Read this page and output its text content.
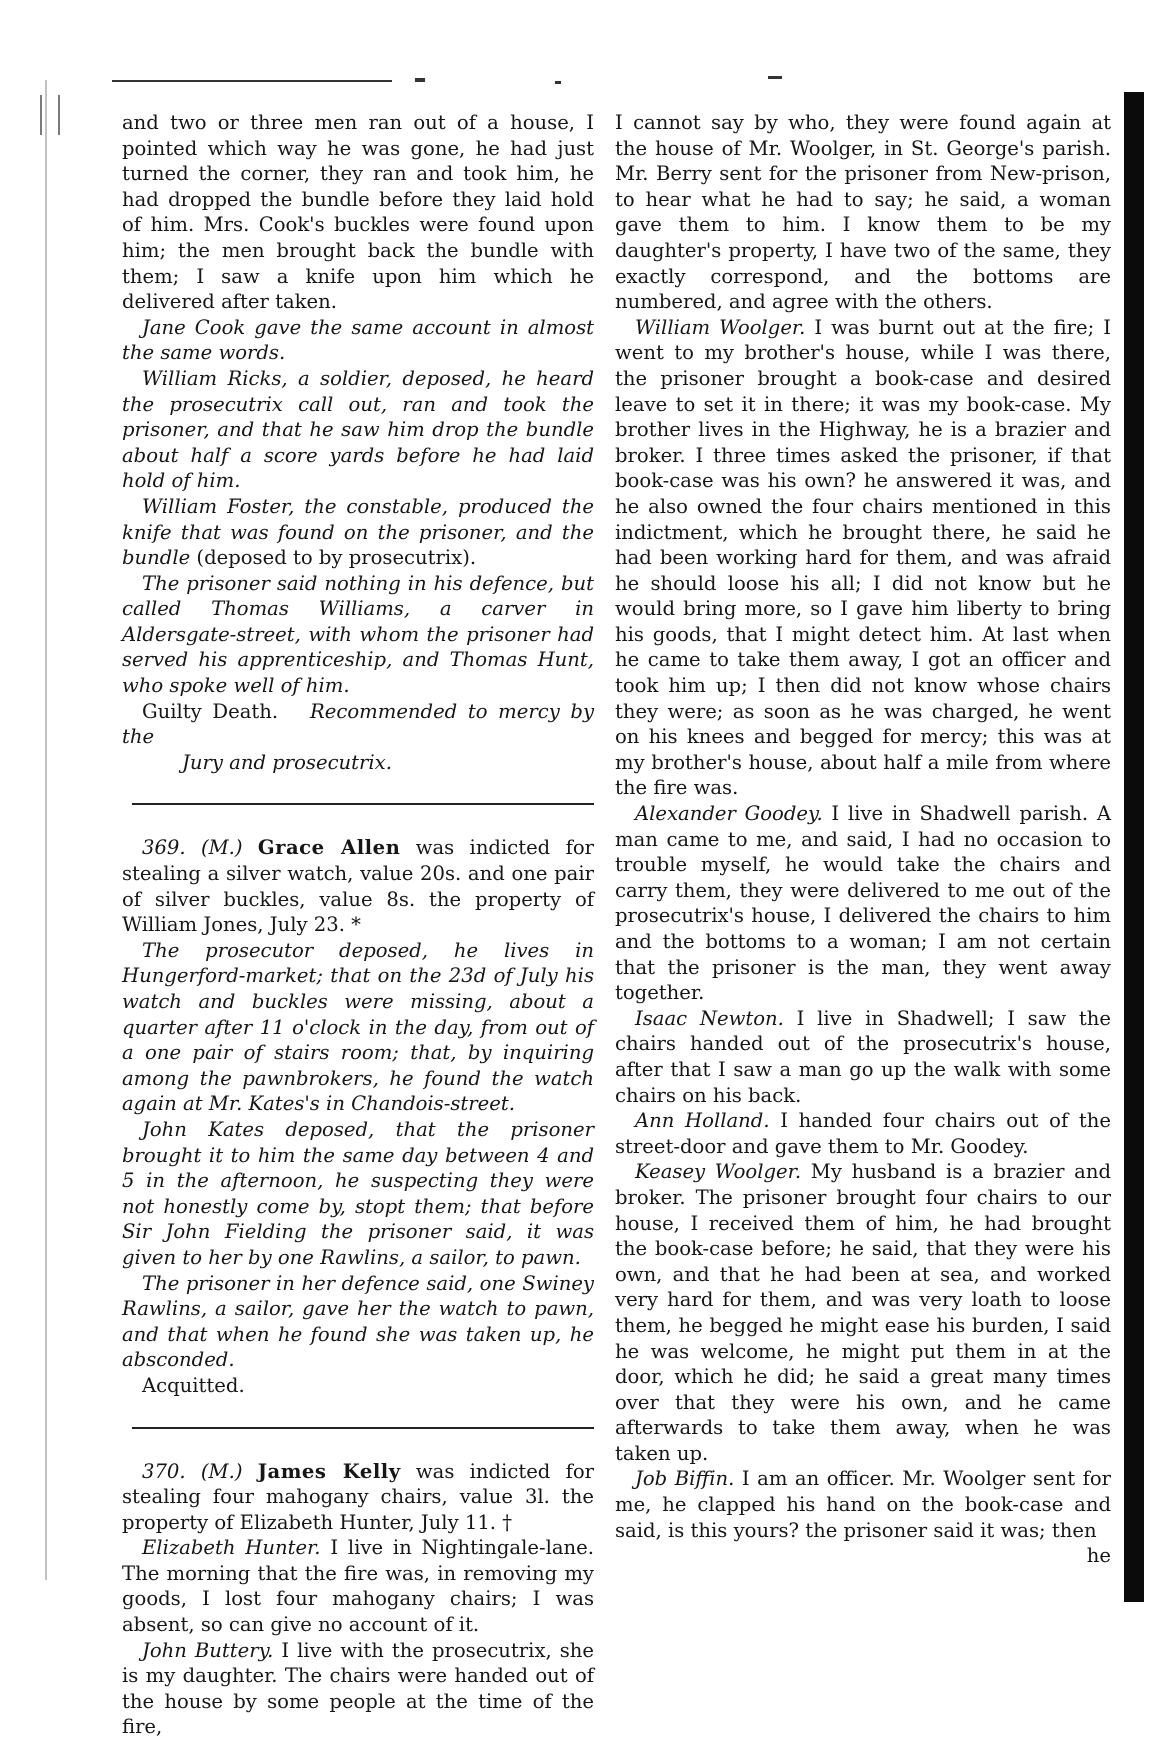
and two or three men ran out of a house, I pointed which way he was gone, he had just turned the corner, they ran and took him, he had dropped the bundle before they laid hold of him. Mrs. Cook's buckles were found upon him; the men brought back the bundle with them; I saw a knife upon him which he delivered after taken.

Jane Cook gave the same account in almost the same words.

William Ricks, a soldier, deposed, he heard the prosecutrix call out, ran and took the prisoner, and that he saw him drop the bundle about half a score yards before he had laid hold of him.

William Foster, the constable, produced the knife that was found on the prisoner, and the bundle (deposed to by prosecutrix).

The prisoner said nothing in his defence, but called Thomas Williams, a carver in Aldersgate-street, with whom the prisoner had served his apprenticeship, and Thomas Hunt, who spoke well of him.

Guilty Death. Recommended to mercy by the

Jury and prosecutrix.

369. (M.) Grace Allen was indicted for stealing a silver watch, value 20s. and one pair of silver buckles, value 8s. the property of William Jones, July 23. *

The prosecutor deposed, he lives in Hungerford-market; that on the 23d of July his watch and buckles were missing, about a quarter after 11 o'clock in the day, from out of a one pair of stairs room; that, by inquiring among the pawnbrokers, he found the watch again at Mr. Kates's in Chandois-street.

John Kates deposed, that the prisoner brought it to him the same day between 4 and 5 in the afternoon, he suspecting they were not honestly come by, stopt them; that before Sir John Fielding the prisoner said, it was given to her by one Rawlins, a sailor, to pawn.

The prisoner in her defence said, one Swiney Rawlins, a sailor, gave her the watch to pawn, and that when he found she was taken up, he absconded.

Acquitted.

370. (M.) James Kelly was indicted for stealing four mahogany chairs, value 3l. the property of Elizabeth Hunter, July 11. †

Elizabeth Hunter. I live in Nightingale-lane. The morning that the fire was, in removing my goods, I lost four mahogany chairs; I was absent, so can give no account of it.

John Buttery. I live with the prosecutrix, she is my daughter. The chairs were handed out of the house by some people at the time of the fire,

I cannot say by who, they were found again at the house of Mr. Woolger, in St. George's parish. Mr. Berry sent for the prisoner from New-prison, to hear what he had to say; he said, a woman gave them to him. I know them to be my daughter's property, I have two of the same, they exactly correspond, and the bottoms are numbered, and agree with the others.

William Woolger. I was burnt out at the fire; I went to my brother's house, while I was there, the prisoner brought a book-case and desired leave to set it in there; it was my book-case. My brother lives in the Highway, he is a brazier and broker. I three times asked the prisoner, if that book-case was his own? he answered it was, and he also owned the four chairs mentioned in this indictment, which he brought there, he said he had been working hard for them, and was afraid he should loose his all; I did not know but he would bring more, so I gave him liberty to bring his goods, that I might detect him. At last when he came to take them away, I got an officer and took him up; I then did not know whose chairs they were; as soon as he was charged, he went on his knees and begged for mercy; this was at my brother's house, about half a mile from where the fire was.

Alexander Goodey. I live in Shadwell parish. A man came to me, and said, I had no occasion to trouble myself, he would take the chairs and carry them, they were delivered to me out of the prosecutrix's house, I delivered the chairs to him and the bottoms to a woman; I am not certain that the prisoner is the man, they went away together.

Isaac Newton. I live in Shadwell; I saw the chairs handed out of the prosecutrix's house, after that I saw a man go up the walk with some chairs on his back.

Ann Holland. I handed four chairs out of the street-door and gave them to Mr. Goodey.

Keasey Woolger. My husband is a brazier and broker. The prisoner brought four chairs to our house, I received them of him, he had brought the book-case before; he said, that they were his own, and that he had been at sea, and worked very hard for them, and was very loath to loose them, he begged he might ease his burden, I said he was welcome, he might put them in at the door, which he did; he said a great many times over that they were his own, and he came afterwards to take them away, when he was taken up.

Job Biffin. I am an officer. Mr. Woolger sent for me, he clapped his hand on the book-case and said, is this yours? the prisoner said it was; then

he
